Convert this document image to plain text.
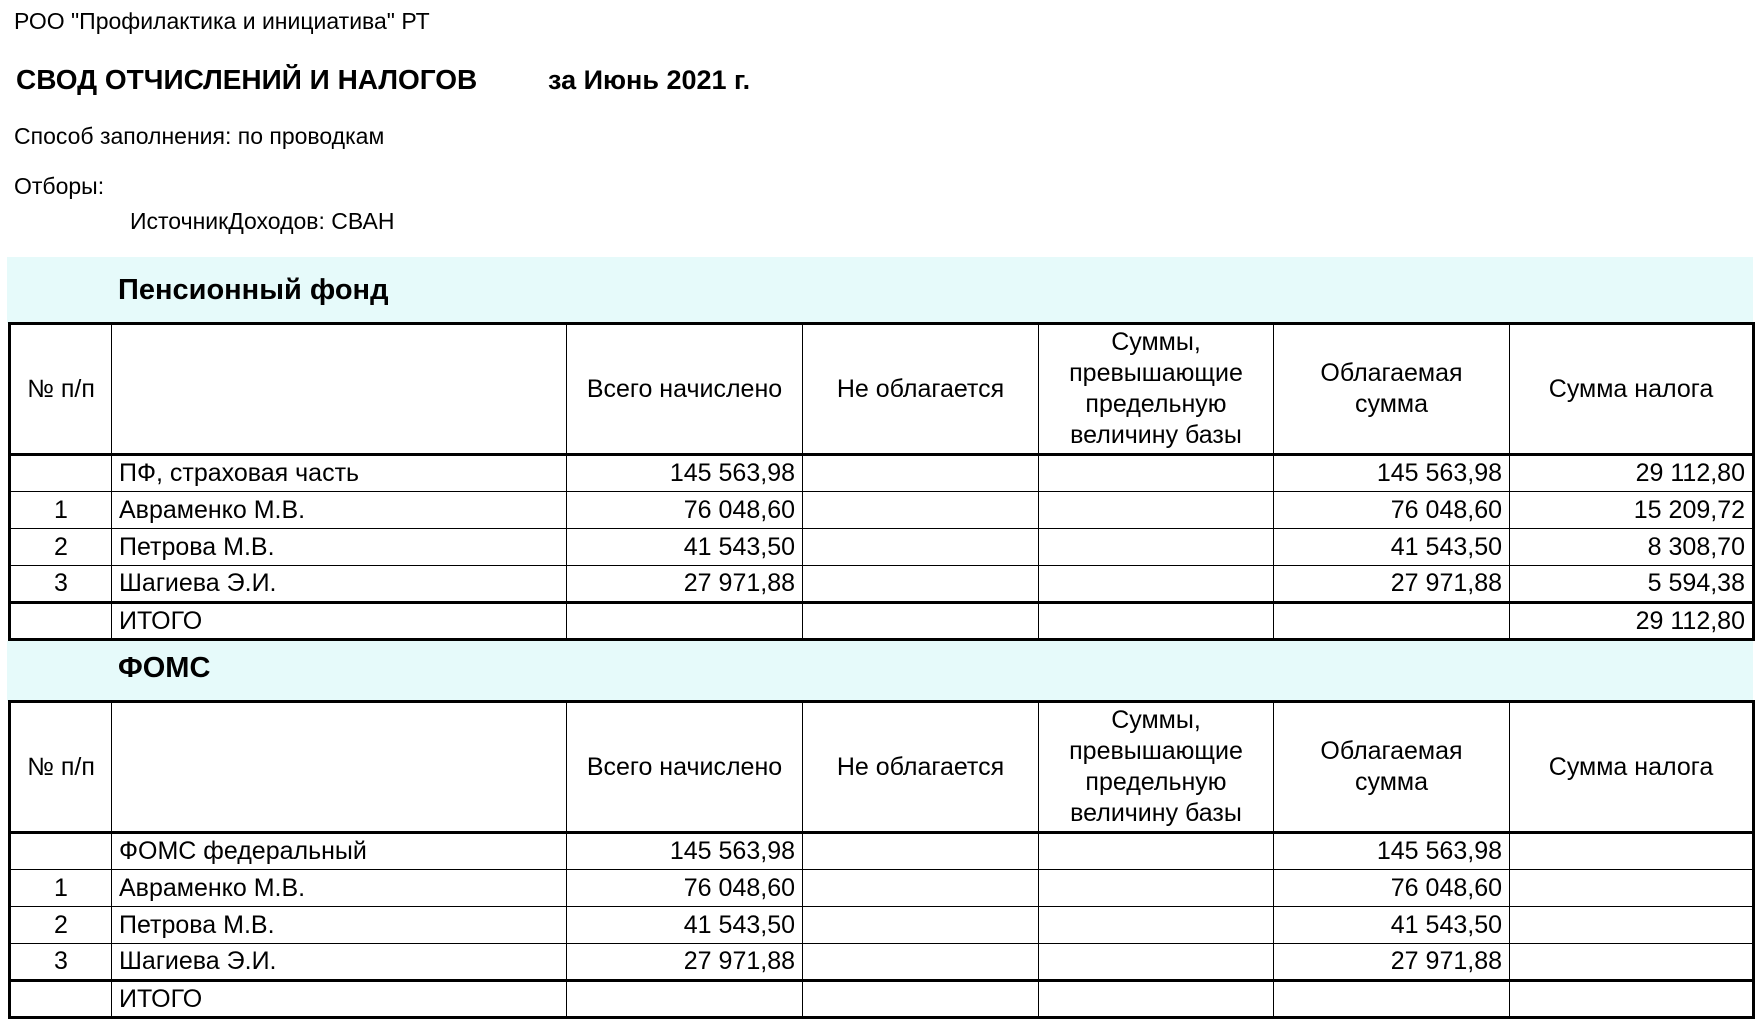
РОО "Профилактика и инициатива" РТ
СВОД ОТЧИСЛЕНИЙ И НАЛОГОВ	за Июнь 2021 г.
Способ заполнения: по проводкам
Отборы:
ИсточникДоходов: СВАН
Пенсионный фонд
№ п/п		Всего начислено	Не облагается	Суммы, превышающие предельную величину базы	Облагаемая сумма	Сумма налога
	ПФ, страховая часть	145 563,98			145 563,98	29 112,80
1	Авраменко М.В.	76 048,60			76 048,60	15 209,72
2	Петрова М.В.	41 543,50			41 543,50	8 308,70
3	Шагиева Э.И.	27 971,88			27 971,88	5 594,38
	ИТОГО					29 112,80
ФОМС
№ п/п		Всего начислено	Не облагается	Суммы, превышающие предельную величину базы	Облагаемая сумма	Сумма налога
	ФОМС федеральный	145 563,98			145 563,98	
1	Авраменко М.В.	76 048,60			76 048,60	
2	Петрова М.В.	41 543,50			41 543,50	
3	Шагиева Э.И.	27 971,88			27 971,88	
	ИТОГО					
